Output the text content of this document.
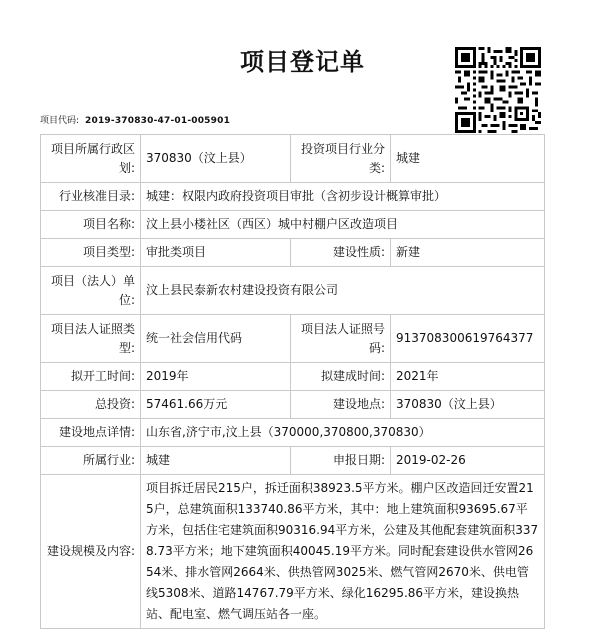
项目登记单
项目代码: 2019-370830-47-01-005901
项目所属行政区划:	370830（汶上县）	投资项目行业分类:	城建
行业核准目录:	城建：权限内政府投资项目审批（含初步设计概算审批）		
项目名称:	汶上县小楼社区（西区）城中村棚户区改造项目		
项目类型:	审批类项目	建设性质:	新建
项目（法人）单位:	汶上县民泰新农村建设投资有限公司		
项目法人证照类型:	统一社会信用代码	项目法人证照号码:	913708300619764377
拟开工时间:	2019年	拟建成时间:	2021年
总投资:	57461.66万元	建设地点:	370830（汶上县）
建设地点详情:	山东省,济宁市,汶上县（370000,370800,370830）		
所属行业:	城建	申报日期:	2019-02-26
建设规模及内容:	项目拆迁居民215户，拆迁面积38923.5平方米。棚户区改造回迁安置215户，总建筑面积133740.86平方米，其中：地上建筑面积93695.67平方米，包括住宅建筑面积90316.94平方米，公建及其他配套建筑面积3378.73平方米；地下建筑面积40045.19平方米。同时配套建设供水管网2654米、排水管网2664米、供热管网3025米、燃气管网2670米、供电管线5308米、道路14767.79平方米、绿化16295.86平方米，建设换热站、配电室、燃气调压站各一座。		
